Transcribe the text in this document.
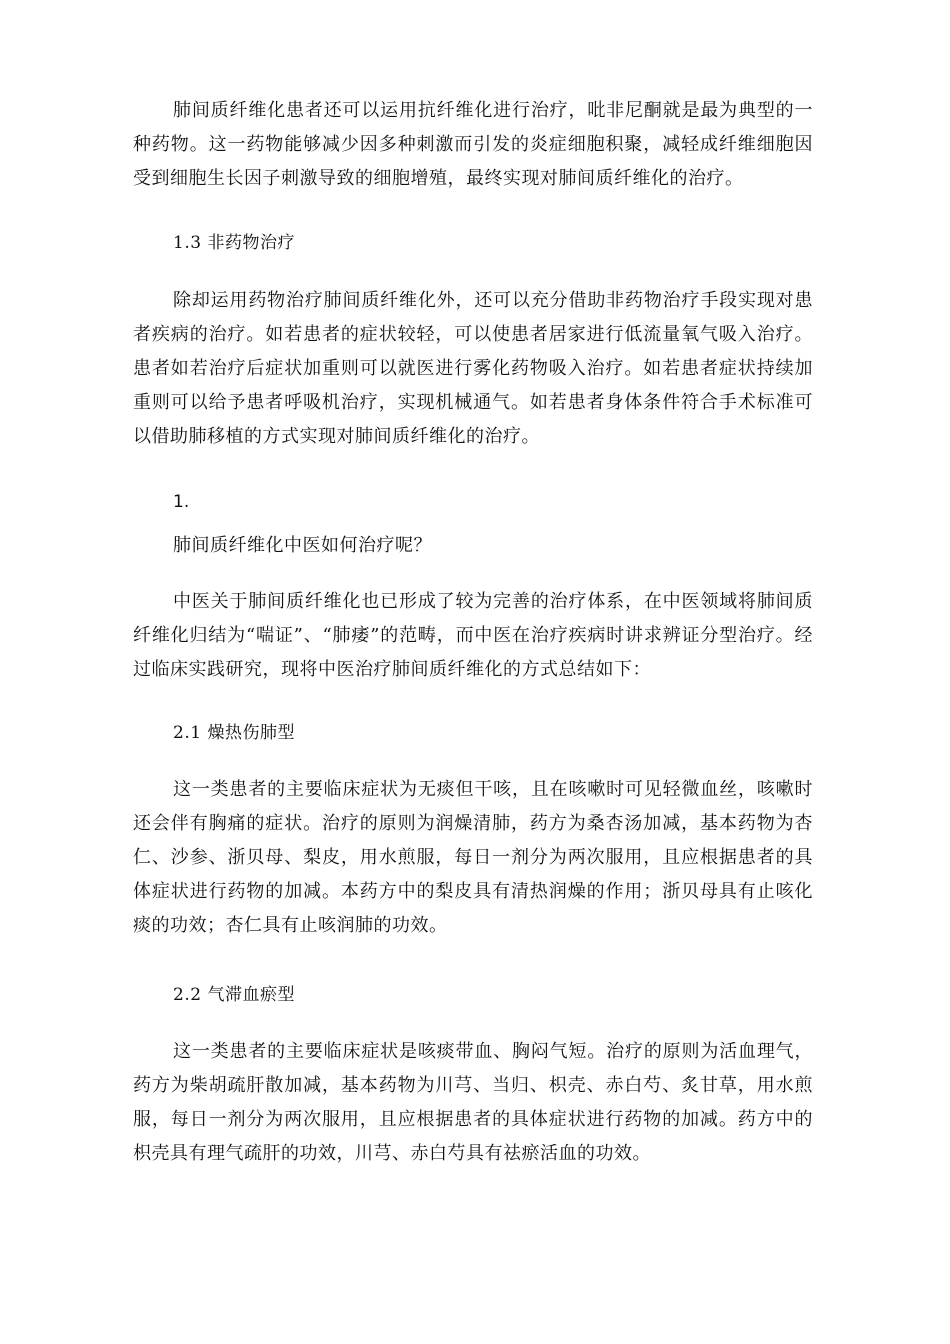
肺间质纤维化患者还可以运用抗纤维化进行治疗，吡非尼酮就是最为典型的一种药物。这一药物能够减少因多种刺激而引发的炎症细胞积聚，减轻成纤维细胞因受到细胞生长因子刺激导致的细胞增殖，最终实现对肺间质纤维化的治疗。

1.3 非药物治疗

除却运用药物治疗肺间质纤维化外，还可以充分借助非药物治疗手段实现对患者疾病的治疗。如若患者的症状较轻，可以使患者居家进行低流量氧气吸入治疗。患者如若治疗后症状加重则可以就医进行雾化药物吸入治疗。如若患者症状持续加重则可以给予患者呼吸机治疗，实现机械通气。如若患者身体条件符合手术标准可以借助肺移植的方式实现对肺间质纤维化的治疗。

1.

肺间质纤维化中医如何治疗呢？

中医关于肺间质纤维化也已形成了较为完善的治疗体系，在中医领域将肺间质纤维化归结为“喘证”、“肺痿”的范畴，而中医在治疗疾病时讲求辨证分型治疗。经过临床实践研究，现将中医治疗肺间质纤维化的方式总结如下：

2.1 燥热伤肺型

这一类患者的主要临床症状为无痰但干咳，且在咳嗽时可见轻微血丝，咳嗽时还会伴有胸痛的症状。治疗的原则为润燥清肺，药方为桑杏汤加减，基本药物为杏仁、沙参、浙贝母、梨皮，用水煎服，每日一剂分为两次服用，且应根据患者的具体症状进行药物的加减。本药方中的梨皮具有清热润燥的作用；浙贝母具有止咳化痰的功效；杏仁具有止咳润肺的功效。

2.2 气滞血瘀型

这一类患者的主要临床症状是咳痰带血、胸闷气短。治疗的原则为活血理气，药方为柴胡疏肝散加减，基本药物为川芎、当归、枳壳、赤白芍、炙甘草，用水煎服，每日一剂分为两次服用，且应根据患者的具体症状进行药物的加减。药方中的枳壳具有理气疏肝的功效，川芎、赤白芍具有祛瘀活血的功效。
